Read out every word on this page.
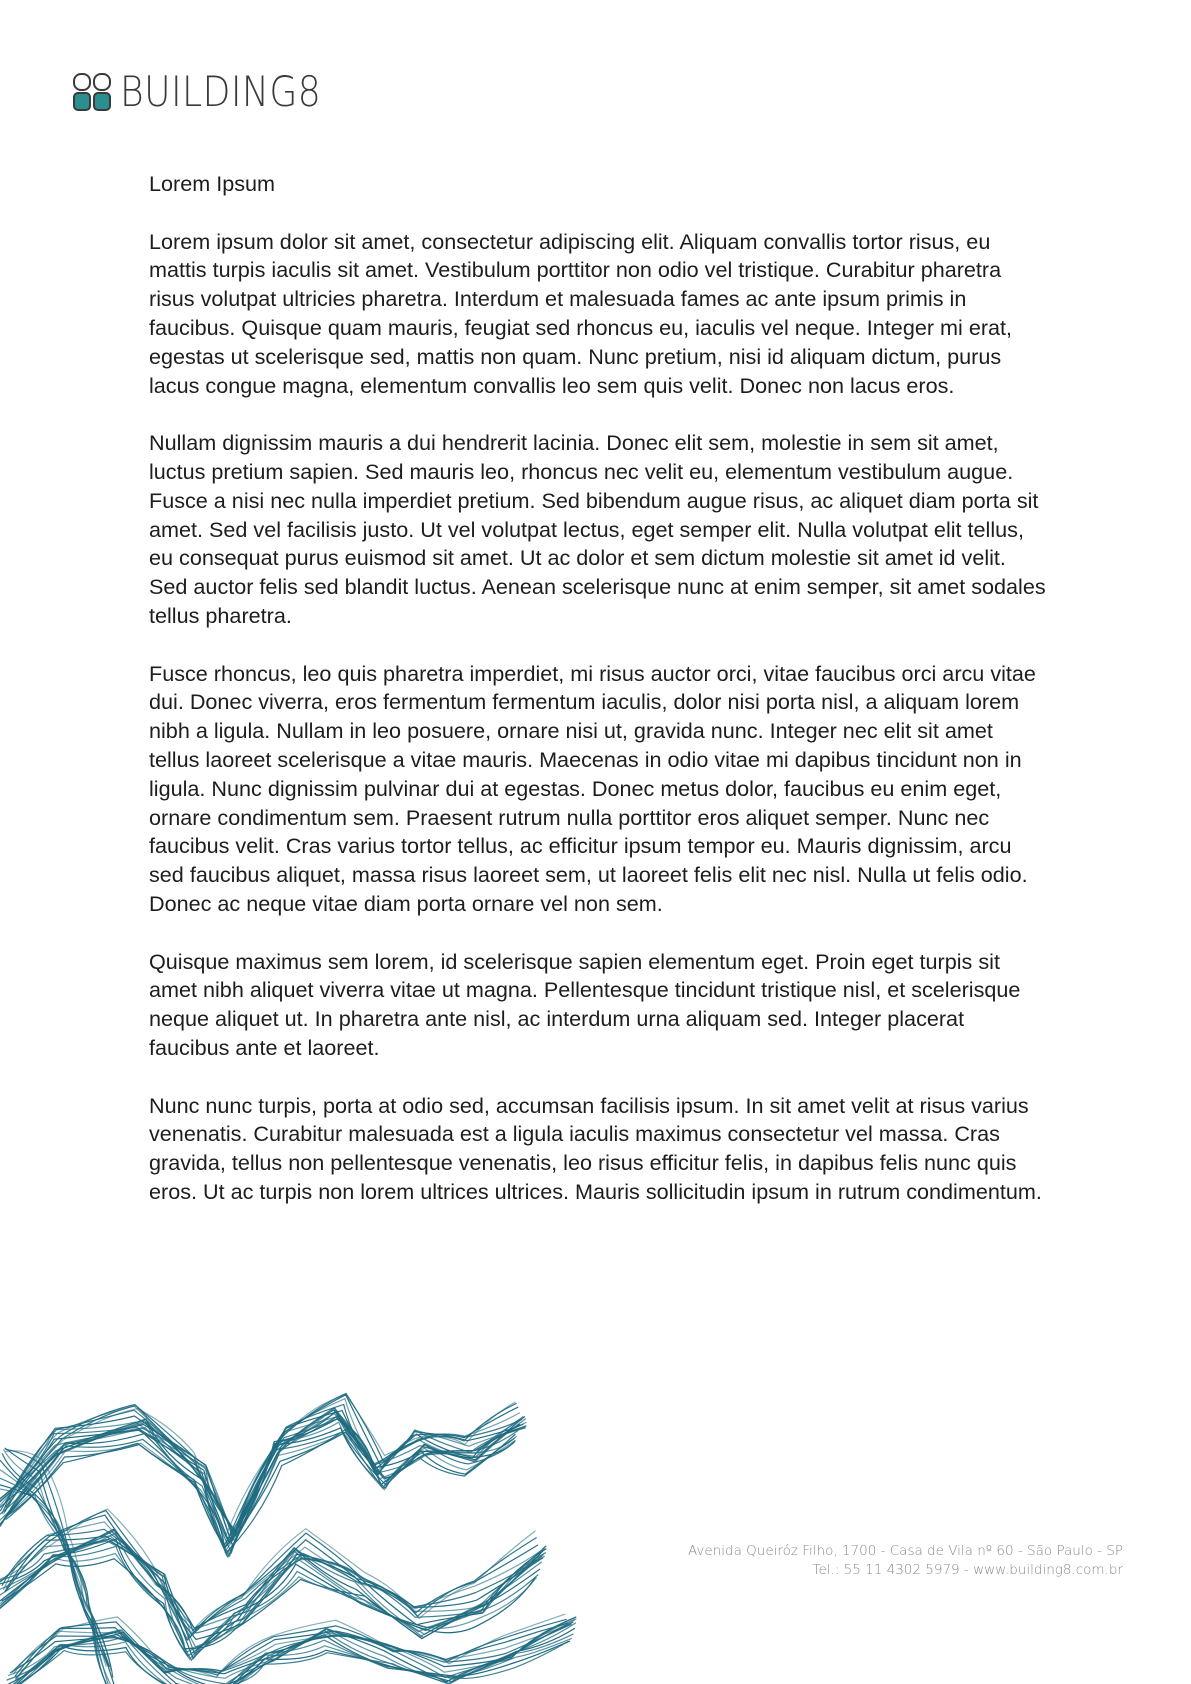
BUILDING8
Lorem Ipsum

Lorem ipsum dolor sit amet, consectetur adipiscing elit. Aliquam convallis tortor risus, eu mattis turpis iaculis sit amet. Vestibulum porttitor non odio vel tristique. Curabitur pharetra risus volutpat ultricies pharetra. Interdum et malesuada fames ac ante ipsum primis in faucibus. Quisque quam mauris, feugiat sed rhoncus eu, iaculis vel neque. Integer mi erat, egestas ut scelerisque sed, mattis non quam. Nunc pretium, nisi id aliquam dictum, purus lacus congue magna, elementum convallis leo sem quis velit. Donec non lacus eros.

Nullam dignissim mauris a dui hendrerit lacinia. Donec elit sem, molestie in sem sit amet, luctus pretium sapien. Sed mauris leo, rhoncus nec velit eu, elementum vestibulum augue. Fusce a nisi nec nulla imperdiet pretium. Sed bibendum augue risus, ac aliquet diam porta sit amet. Sed vel facilisis justo. Ut vel volutpat lectus, eget semper elit. Nulla volutpat elit tellus, eu consequat purus euismod sit amet. Ut ac dolor et sem dictum molestie sit amet id velit. Sed auctor felis sed blandit luctus. Aenean scelerisque nunc at enim semper, sit amet sodales tellus pharetra.

Fusce rhoncus, leo quis pharetra imperdiet, mi risus auctor orci, vitae faucibus orci arcu vitae dui. Donec viverra, eros fermentum fermentum iaculis, dolor nisi porta nisl, a aliquam lorem nibh a ligula. Nullam in leo posuere, ornare nisi ut, gravida nunc. Integer nec elit sit amet tellus laoreet scelerisque a vitae mauris. Maecenas in odio vitae mi dapibus tincidunt non in ligula. Nunc dignissim pulvinar dui at egestas. Donec metus dolor, faucibus eu enim eget, ornare condimentum sem. Praesent rutrum nulla porttitor eros aliquet semper. Nunc nec faucibus velit. Cras varius tortor tellus, ac efficitur ipsum tempor eu. Mauris dignissim, arcu sed faucibus aliquet, massa risus laoreet sem, ut laoreet felis elit nec nisl. Nulla ut felis odio. Donec ac neque vitae diam porta ornare vel non sem.

Quisque maximus sem lorem, id scelerisque sapien elementum eget. Proin eget turpis sit amet nibh aliquet viverra vitae ut magna. Pellentesque tincidunt tristique nisl, et scelerisque neque aliquet ut. In pharetra ante nisl, ac interdum urna aliquam sed. Integer placerat faucibus ante et laoreet.

Nunc nunc turpis, porta at odio sed, accumsan facilisis ipsum. In sit amet velit at risus varius venenatis. Curabitur malesuada est a ligula iaculis maximus consectetur vel massa. Cras gravida, tellus non pellentesque venenatis, leo risus efficitur felis, in dapibus felis nunc quis eros. Ut ac turpis non lorem ultrices ultrices. Mauris sollicitudin ipsum in rutrum condimentum.

Avenida Queiróz Filho, 1700 - Casa de Vila nº 60 - São Paulo - SP
Tel.: 55 11 4302 5979 - www.building8.com.br
